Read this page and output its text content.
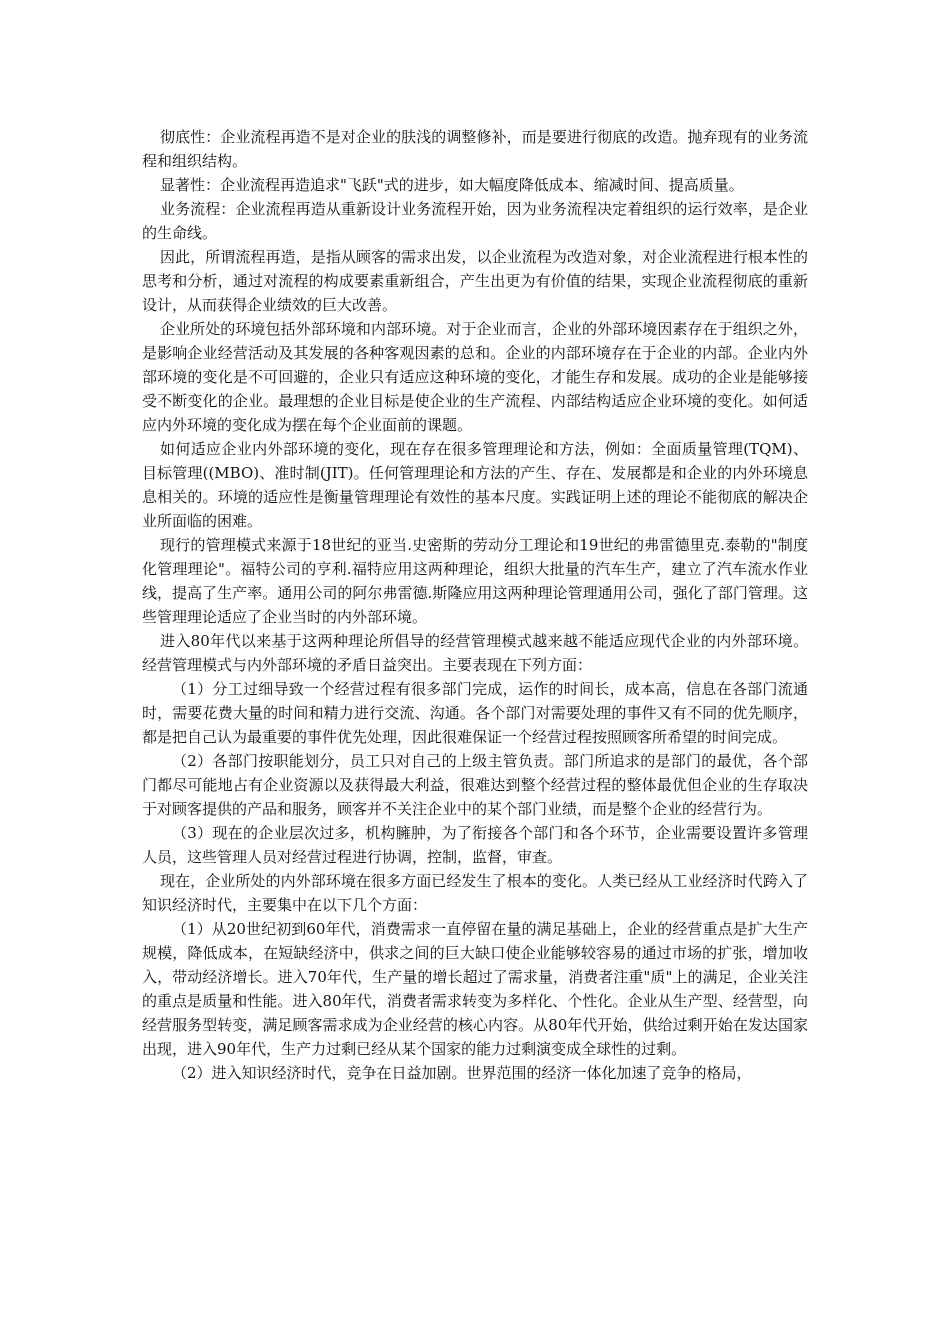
彻底性：企业流程再造不是对企业的肤浅的调整修补，而是要进行彻底的改造。抛弃现有的业务流程和组织结构。

显著性：企业流程再造追求"飞跃"式的进步，如大幅度降低成本、缩减时间、提高质量。

业务流程：企业流程再造从重新设计业务流程开始，因为业务流程决定着组织的运行效率，是企业的生命线。

因此，所谓流程再造，是指从顾客的需求出发，以企业流程为改造对象，对企业流程进行根本性的思考和分析，通过对流程的构成要素重新组合，产生出更为有价值的结果，实现企业流程彻底的重新设计，从而获得企业绩效的巨大改善。

企业所处的环境包括外部环境和内部环境。对于企业而言，企业的外部环境因素存在于组织之外，是影响企业经营活动及其发展的各种客观因素的总和。企业的内部环境存在于企业的内部。企业内外部环境的变化是不可回避的，企业只有适应这种环境的变化，才能生存和发展。成功的企业是能够接受不断变化的企业。最理想的企业目标是使企业的生产流程、内部结构适应企业环境的变化。如何适应内外环境的变化成为摆在每个企业面前的课题。

如何适应企业内外部环境的变化，现在存在很多管理理论和方法，例如：全面质量管理(TQM)、目标管理((MBO)、准时制(JIT)。任何管理理论和方法的产生、存在、发展都是和企业的内外环境息息相关的。环境的适应性是衡量管理理论有效性的基本尺度。实践证明上述的理论不能彻底的解决企业所面临的困难。

现行的管理模式来源于18世纪的亚当.史密斯的劳动分工理论和19世纪的弗雷德里克.泰勒的"制度化管理理论"。福特公司的亨利.福特应用这两种理论，组织大批量的汽车生产，建立了汽车流水作业线，提高了生产率。通用公司的阿尔弗雷德.斯隆应用这两种理论管理通用公司，强化了部门管理。这些管理理论适应了企业当时的内外部环境。

进入80年代以来基于这两种理论所倡导的经营管理模式越来越不能适应现代企业的内外部环境。经营管理模式与内外部环境的矛盾日益突出。主要表现在下列方面：

（1）分工过细导致一个经营过程有很多部门完成，运作的时间长，成本高，信息在各部门流通时，需要花费大量的时间和精力进行交流、沟通。各个部门对需要处理的事件又有不同的优先顺序，都是把自己认为最重要的事件优先处理，因此很难保证一个经营过程按照顾客所希望的时间完成。

（2）各部门按职能划分，员工只对自己的上级主管负责。部门所追求的是部门的最优，各个部门都尽可能地占有企业资源以及获得最大利益，很难达到整个经营过程的整体最优但企业的生存取决于对顾客提供的产品和服务，顾客并不关注企业中的某个部门业绩，而是整个企业的经营行为。

（3）现在的企业层次过多，机构臃肿，为了衔接各个部门和各个环节，企业需要设置许多管理人员，这些管理人员对经营过程进行协调，控制，监督，审查。

现在，企业所处的内外部环境在很多方面已经发生了根本的变化。人类已经从工业经济时代跨入了知识经济时代，主要集中在以下几个方面：

（1）从20世纪初到60年代，消费需求一直停留在量的满足基础上，企业的经营重点是扩大生产规模，降低成本，在短缺经济中，供求之间的巨大缺口使企业能够较容易的通过市场的扩张，增加收入，带动经济增长。进入70年代，生产量的增长超过了需求量，消费者注重"质"上的满足，企业关注的重点是质量和性能。进入80年代，消费者需求转变为多样化、个性化。企业从生产型、经营型，向经营服务型转变，满足顾客需求成为企业经营的核心内容。从80年代开始，供给过剩开始在发达国家出现，进入90年代，生产力过剩已经从某个国家的能力过剩演变成全球性的过剩。

（2）进入知识经济时代，竞争在日益加剧。世界范围的经济一体化加速了竞争的格局，
